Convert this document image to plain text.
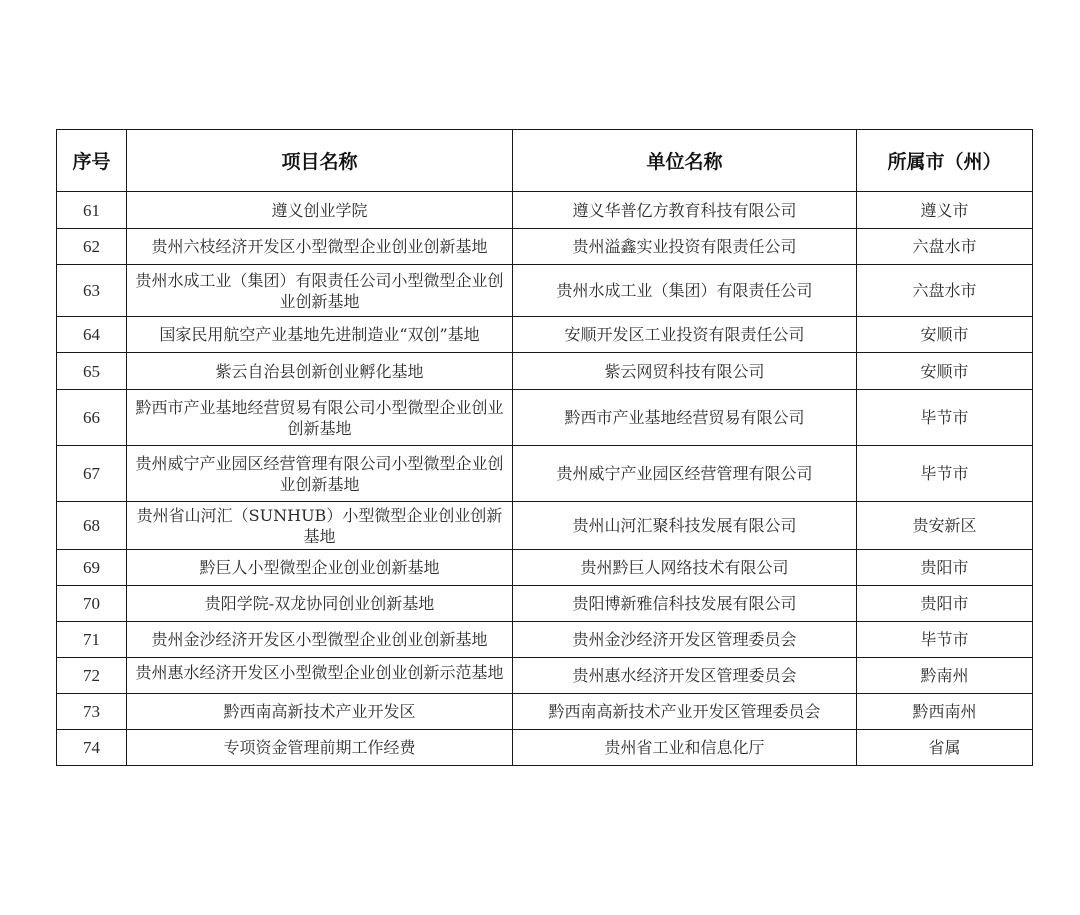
序号	项目名称	单位名称	所属市（州）
61	遵义创业学院	遵义华普亿方教育科技有限公司	遵义市
62	贵州六枝经济开发区小型微型企业创业创新基地	贵州溢鑫实业投资有限责任公司	六盘水市
63	贵州水成工业（集团）有限责任公司小型微型企业创业创新基地	贵州水成工业（集团）有限责任公司	六盘水市
64	国家民用航空产业基地先进制造业“双创”基地	安顺开发区工业投资有限责任公司	安顺市
65	紫云自治县创新创业孵化基地	紫云网贸科技有限公司	安顺市
66	黔西市产业基地经营贸易有限公司小型微型企业创业创新基地	黔西市产业基地经营贸易有限公司	毕节市
67	贵州威宁产业园区经营管理有限公司小型微型企业创业创新基地	贵州威宁产业园区经营管理有限公司	毕节市
68	贵州省山河汇（SUNHUB）小型微型企业创业创新基地	贵州山河汇聚科技发展有限公司	贵安新区
69	黔巨人小型微型企业创业创新基地	贵州黔巨人网络技术有限公司	贵阳市
70	贵阳学院-双龙协同创业创新基地	贵阳博新雅信科技发展有限公司	贵阳市
71	贵州金沙经济开发区小型微型企业创业创新基地	贵州金沙经济开发区管理委员会	毕节市
72	贵州惠水经济开发区小型微型企业创业创新示范基地	贵州惠水经济开发区管理委员会	黔南州
73	黔西南高新技术产业开发区	黔西南高新技术产业开发区管理委员会	黔西南州
74	专项资金管理前期工作经费	贵州省工业和信息化厅	省属
